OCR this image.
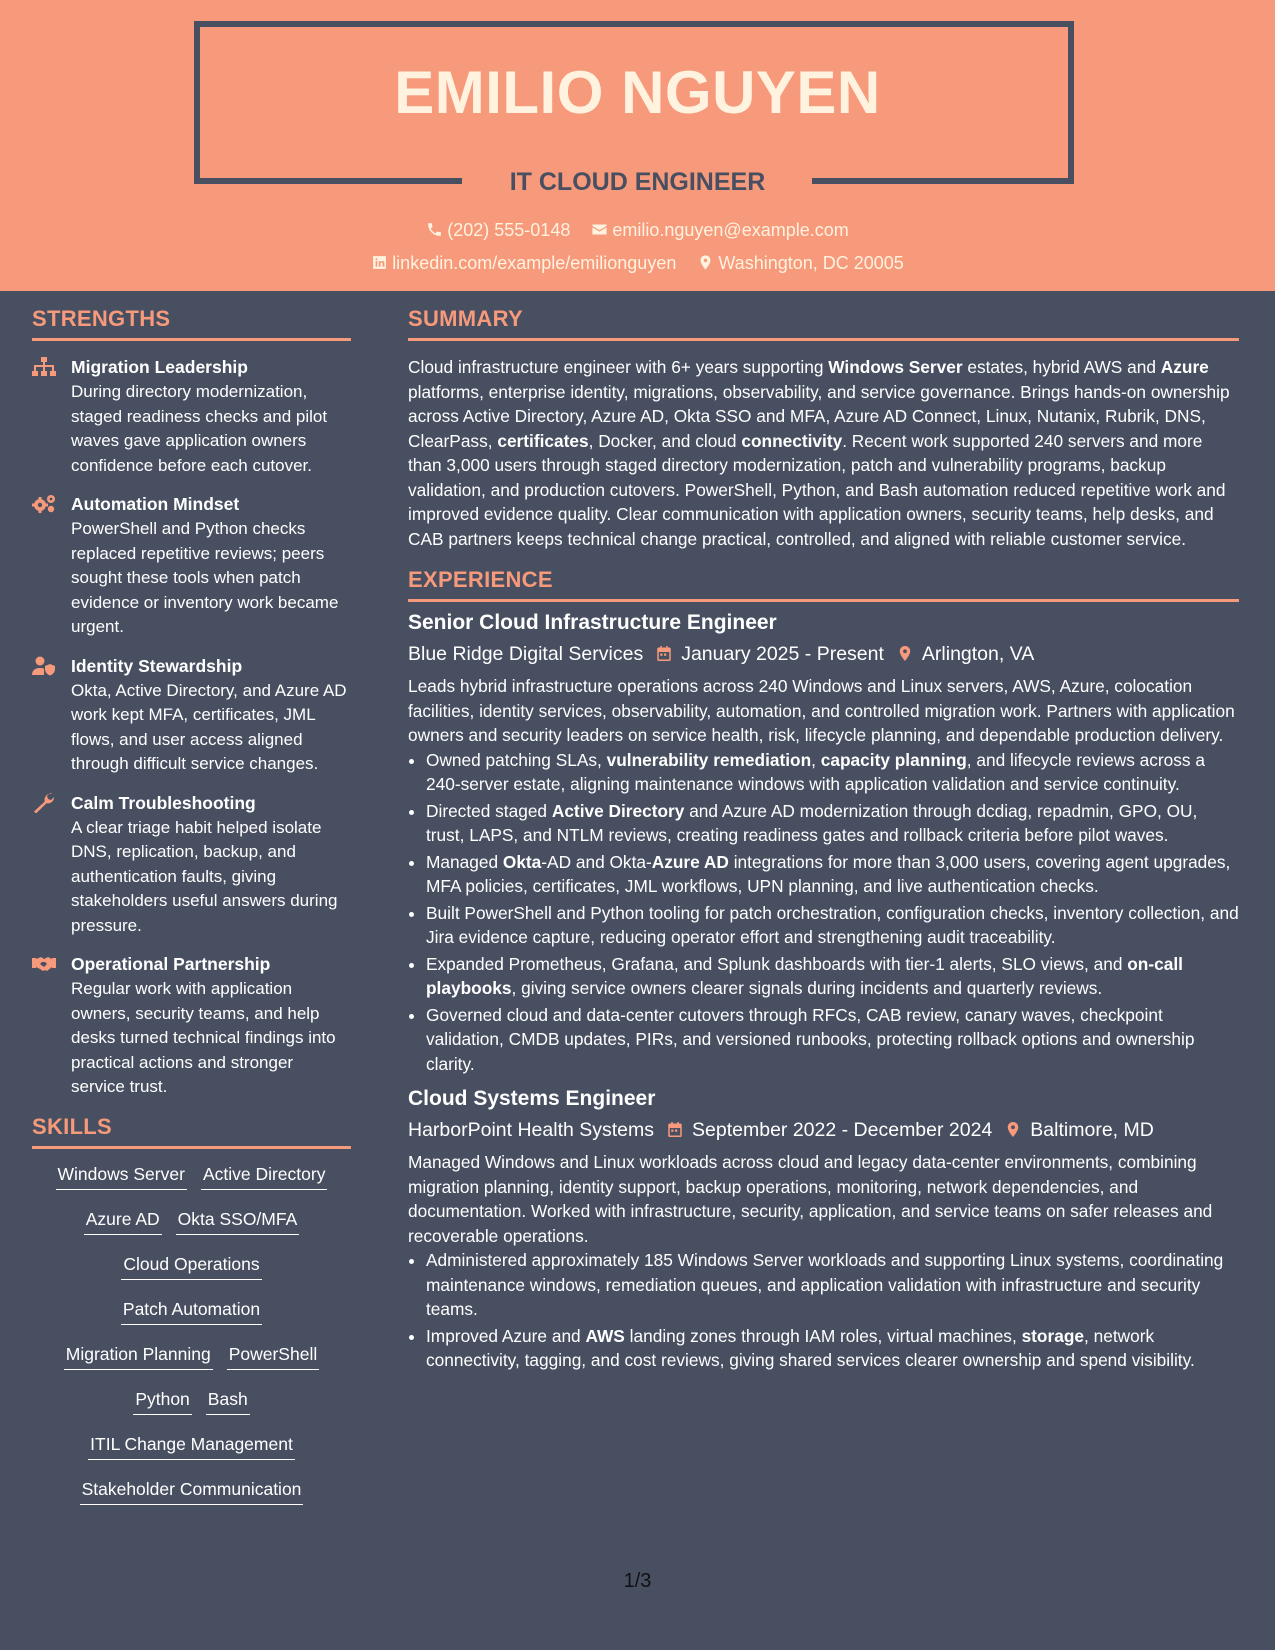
EMILIO NGUYEN
IT CLOUD ENGINEER
(202) 555-0148 emilio.nguyen@example.com
linkedin.com/example/emilionguyen Washington, DC 20005
STRENGTHS
Migration Leadership
During directory modernization, staged readiness checks and pilot waves gave application owners confidence before each cutover.
Automation Mindset
PowerShell and Python checks replaced repetitive reviews; peers sought these tools when patch evidence or inventory work became urgent.
Identity Stewardship
Okta, Active Directory, and Azure AD work kept MFA, certificates, JML flows, and user access aligned through difficult service changes.
Calm Troubleshooting
A clear triage habit helped isolate DNS, replication, backup, and authentication faults, giving stakeholders useful answers during pressure.
Operational Partnership
Regular work with application owners, security teams, and help desks turned technical findings into practical actions and stronger service trust.
SKILLS
Windows Server Active Directory
Azure AD Okta SSO/MFA
Cloud Operations
Patch Automation
Migration Planning PowerShell
Python Bash
ITIL Change Management
Stakeholder Communication
SUMMARY

Cloud infrastructure engineer with 6+ years supporting Windows Server estates, hybrid AWS and Azure platforms, enterprise identity, migrations, observability, and service governance. Brings hands-on ownership across Active Directory, Azure AD, Okta SSO and MFA, Azure AD Connect, Linux, Nutanix, Rubrik, DNS, ClearPass, certificates, Docker, and cloud connectivity. Recent work supported 240 servers and more than 3,000 users through staged directory modernization, patch and vulnerability programs, backup validation, and production cutovers. PowerShell, Python, and Bash automation reduced repetitive work and improved evidence quality. Clear communication with application owners, security teams, help desks, and CAB partners keeps technical change practical, controlled, and aligned with reliable customer service.

EXPERIENCE
Senior Cloud Infrastructure Engineer
Blue Ridge Digital Services January 2025 - Present Arlington, VA

Leads hybrid infrastructure operations across 240 Windows and Linux servers, AWS, Azure, colocation facilities, identity services, observability, automation, and controlled migration work. Partners with application owners and security leaders on service health, risk, lifecycle planning, and dependable production delivery.

• Owned patching SLAs, vulnerability remediation, capacity planning, and lifecycle reviews across a 240-server estate, aligning maintenance windows with application validation and service continuity.
• Directed staged Active Directory and Azure AD modernization through dcdiag, repadmin, GPO, OU, trust, LAPS, and NTLM reviews, creating readiness gates and rollback criteria before pilot waves.
• Managed Okta-AD and Okta-Azure AD integrations for more than 3,000 users, covering agent upgrades, MFA policies, certificates, JML workflows, UPN planning, and live authentication checks.
• Built PowerShell and Python tooling for patch orchestration, configuration checks, inventory collection, and Jira evidence capture, reducing operator effort and strengthening audit traceability.
• Expanded Prometheus, Grafana, and Splunk dashboards with tier-1 alerts, SLO views, and on-call playbooks, giving service owners clearer signals during incidents and quarterly reviews.
• Governed cloud and data-center cutovers through RFCs, CAB review, canary waves, checkpoint validation, CMDB updates, PIRs, and versioned runbooks, protecting rollback options and ownership clarity.
Cloud Systems Engineer
HarborPoint Health Systems September 2022 - December 2024 Baltimore, MD

Managed Windows and Linux workloads across cloud and legacy data-center environments, combining migration planning, identity support, backup operations, monitoring, network dependencies, and documentation. Worked with infrastructure, security, application, and service teams on safer releases and recoverable operations.

• Administered approximately 185 Windows Server workloads and supporting Linux systems, coordinating maintenance windows, remediation queues, and application validation with infrastructure and security teams.
• Improved Azure and AWS landing zones through IAM roles, virtual machines, storage, network connectivity, tagging, and cost reviews, giving shared services clearer ownership and spend visibility.
1/3
